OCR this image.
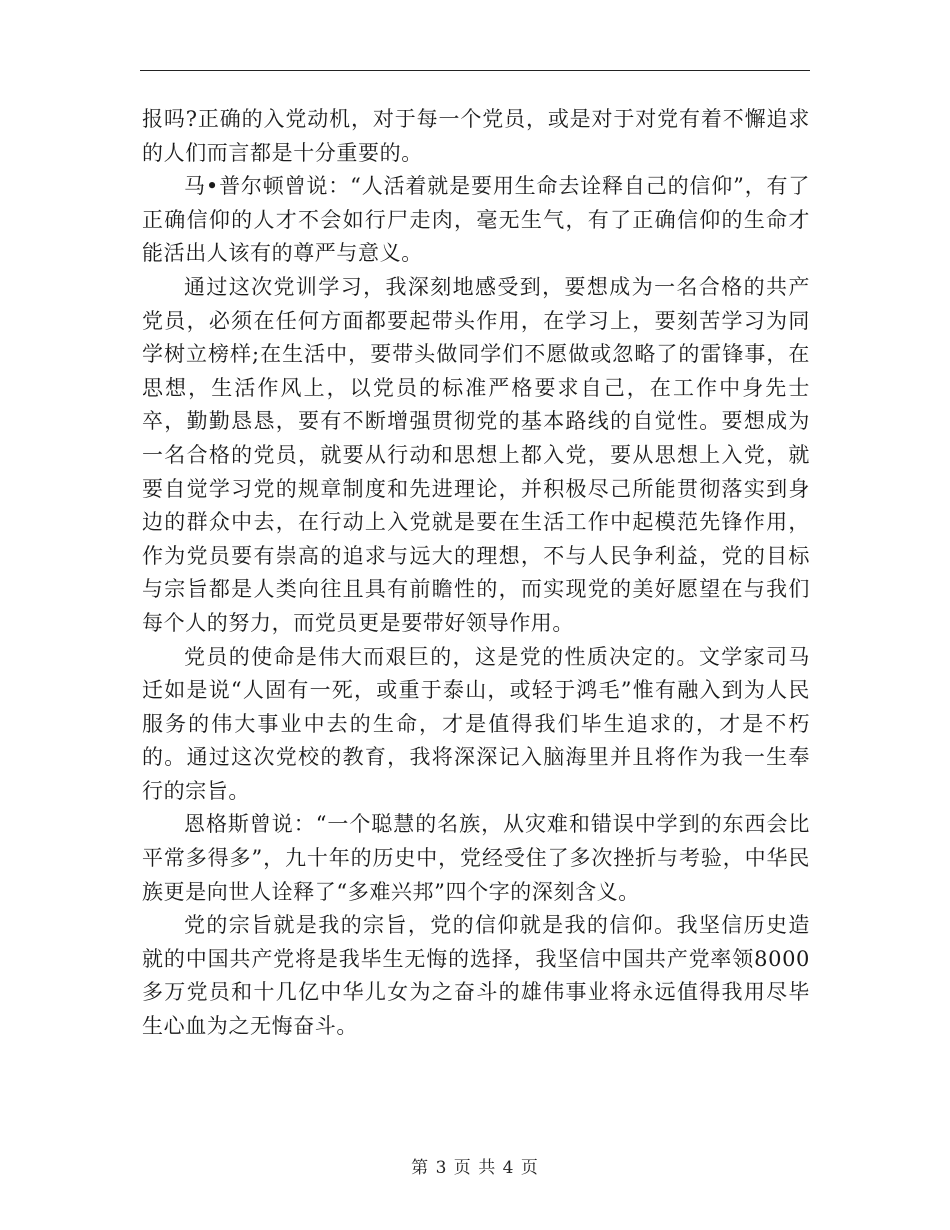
报吗?正确的入党动机，对于每一个党员，或是对于对党有着不懈追求的人们而言都是十分重要的。

马•普尔顿曾说：“人活着就是要用生命去诠释自己的信仰”，有了正确信仰的人才不会如行尸走肉，毫无生气，有了正确信仰的生命才能活出人该有的尊严与意义。

通过这次党训学习，我深刻地感受到，要想成为一名合格的共产党员，必须在任何方面都要起带头作用，在学习上，要刻苦学习为同学树立榜样;在生活中，要带头做同学们不愿做或忽略了的雷锋事，在思想，生活作风上，以党员的标准严格要求自己，在工作中身先士卒，勤勤恳恳，要有不断增强贯彻党的基本路线的自觉性。要想成为一名合格的党员，就要从行动和思想上都入党，要从思想上入党，就要自觉学习党的规章制度和先进理论，并积极尽己所能贯彻落实到身边的群众中去，在行动上入党就是要在生活工作中起模范先锋作用，作为党员要有崇高的追求与远大的理想，不与人民争利益，党的目标与宗旨都是人类向往且具有前瞻性的，而实现党的美好愿望在与我们每个人的努力，而党员更是要带好领导作用。

党员的使命是伟大而艰巨的，这是党的性质决定的。文学家司马迁如是说“人固有一死，或重于泰山，或轻于鸿毛”惟有融入到为人民服务的伟大事业中去的生命，才是值得我们毕生追求的，才是不朽的。通过这次党校的教育，我将深深记入脑海里并且将作为我一生奉行的宗旨。

恩格斯曾说：“一个聪慧的名族，从灾难和错误中学到的东西会比平常多得多”，九十年的历史中，党经受住了多次挫折与考验，中华民族更是向世人诠释了“多难兴邦”四个字的深刻含义。

党的宗旨就是我的宗旨，党的信仰就是我的信仰。我坚信历史造就的中国共产党将是我毕生无悔的选择，我坚信中国共产党率领8000多万党员和十几亿中华儿女为之奋斗的雄伟事业将永远值得我用尽毕生心血为之无悔奋斗。

第 3 页 共 4 页
